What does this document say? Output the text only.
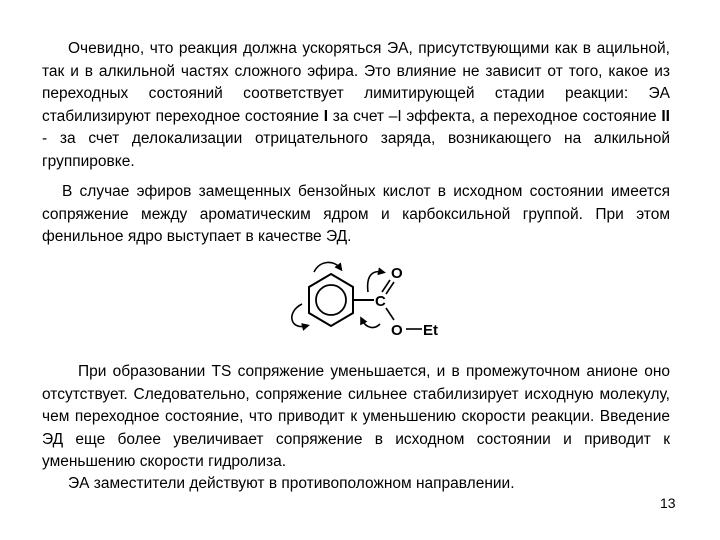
Очевидно, что реакция должна ускоряться ЭА, присутствующими как в ацильной, так и в алкильной частях сложного эфира. Это влияние не зависит от того, какое из переходных состояний соответствует лимитирующей стадии реакции: ЭА стабилизируют переходное состояние I за счет –I эффекта, а переходное состояние II - за счет делокализации отрицательного заряда, возникающего на алкильной группировке.

В случае эфиров замещенных бензойных кислот в исходном состоянии имеется сопряжение между ароматическим ядром и карбоксильной группой. При этом фенильное ядро выступает в качестве ЭД.

O
C
O Et

При образовании TS сопряжение уменьшается, и в промежуточном анионе оно отсутствует. Следовательно, сопряжение сильнее стабилизирует исходную молекулу, чем переходное состояние, что приводит к уменьшению скорости реакции. Введение ЭД еще более увеличивает сопряжение в исходном состоянии и приводит к уменьшению скорости гидролиза.

ЭА заместители действуют в противоположном направлении.

13
